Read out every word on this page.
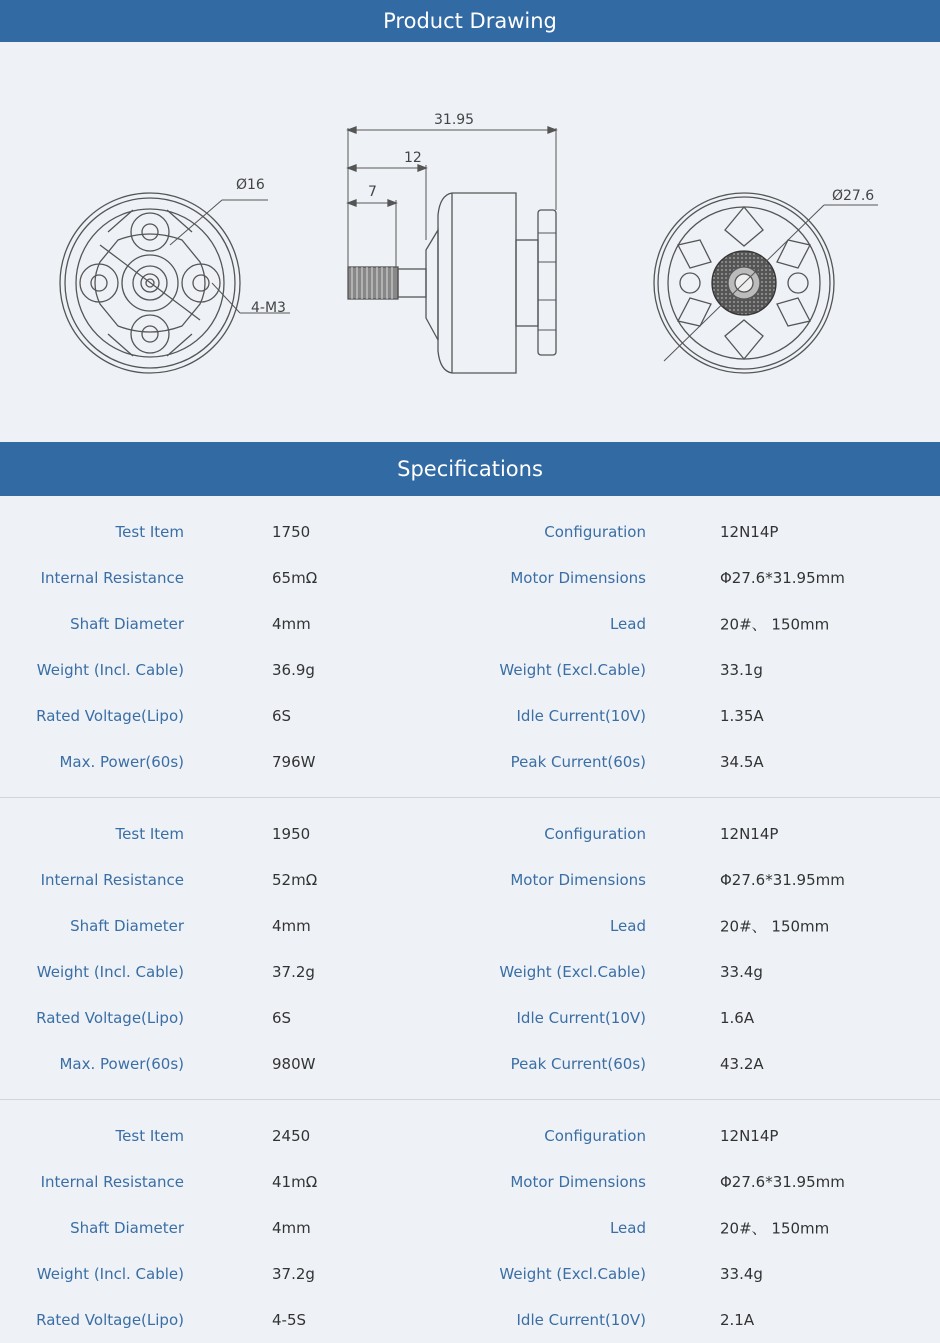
Product Drawing
Ø16
4-M3
31.95
12
7	Ø27.6
Specifications
Test Item	1750	Configuration	12N14P
Internal Resistance	65mΩ	Motor Dimensions	Φ27.6*31.95mm
Shaft Diameter	4mm	Lead	20#、 150mm
Weight (Incl. Cable)	36.9g	Weight (Excl.Cable)	33.1g
Rated Voltage(Lipo)	6S	Idle Current(10V)	1.35A
Max. Power(60s)	796W	Peak Current(60s)	34.5A
Test Item	1950	Configuration	12N14P
Internal Resistance	52mΩ	Motor Dimensions	Φ27.6*31.95mm
Shaft Diameter	4mm	Lead	20#、 150mm
Weight (Incl. Cable)	37.2g	Weight (Excl.Cable)	33.4g
Rated Voltage(Lipo)	6S	Idle Current(10V)	1.6A
Max. Power(60s)	980W	Peak Current(60s)	43.2A
Test Item	2450	Configuration	12N14P
Internal Resistance	41mΩ	Motor Dimensions	Φ27.6*31.95mm
Shaft Diameter	4mm	Lead	20#、 150mm
Weight (Incl. Cable)	37.2g	Weight (Excl.Cable)	33.4g
Rated Voltage(Lipo)	4-5S	Idle Current(10V)	2.1A
